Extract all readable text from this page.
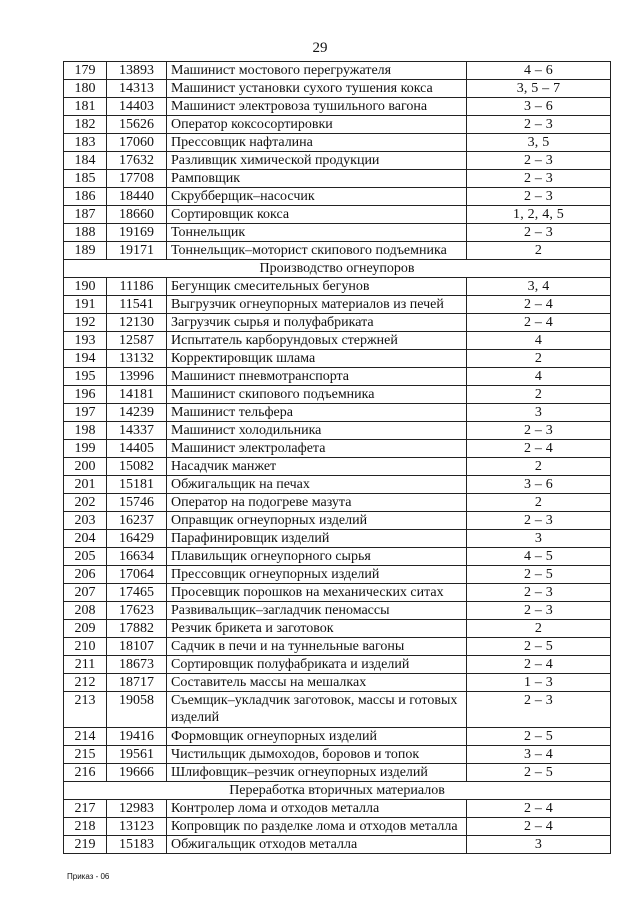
29
179	13893	Машинист мостового перегружателя	4 – 6
180	14313	Машинист установки сухого тушения кокса	3, 5 – 7
181	14403	Машинист электровоза тушильного вагона	3 – 6
182	15626	Оператор коксосортировки	2 – 3
183	17060	Прессовщик нафталина	3, 5
184	17632	Разливщик химической продукции	2 – 3
185	17708	Рамповщик	2 – 3
186	18440	Скрубберщик–насосчик	2 – 3
187	18660	Сортировщик кокса	1, 2, 4, 5
188	19169	Тоннельщик	2 – 3
189	19171	Тоннельщик–моторист скипового подъемника	2
Производство огнеупоров			
190	11186	Бегунщик смесительных бегунов	3, 4
191	11541	Выгрузчик огнеупорных материалов из печей	2 – 4
192	12130	Загрузчик сырья и полуфабриката	2 – 4
193	12587	Испытатель карборундовых стержней	4
194	13132	Корректировщик шлама	2
195	13996	Машинист пневмотранспорта	4
196	14181	Машинист скипового подъемника	2
197	14239	Машинист тельфера	3
198	14337	Машинист холодильника	2 – 3
199	14405	Машинист электролафета	2 – 4
200	15082	Насадчик манжет	2
201	15181	Обжигальщик на печах	3 – 6
202	15746	Оператор на подогреве мазута	2
203	16237	Оправщик огнеупорных изделий	2 – 3
204	16429	Парафинировщик изделий	3
205	16634	Плавильщик огнеупорного сырья	4 – 5
206	17064	Прессовщик огнеупорных изделий	2 – 5
207	17465	Просевщик порошков на механических ситах	2 – 3
208	17623	Развивальщик–загладчик пеномассы	2 – 3
209	17882	Резчик брикета и заготовок	2
210	18107	Садчик в печи и на туннельные вагоны	2 – 5
211	18673	Сортировщик полуфабриката и изделий	2 – 4
212	18717	Составитель массы на мешалках	1 – 3
213	19058	Съемщик–укладчик заготовок, массы и готовых изделий	2 – 3
214	19416	Формовщик огнеупорных изделий	2 – 5
215	19561	Чистильщик дымоходов, боровов и топок	3 – 4
216	19666	Шлифовщик–резчик огнеупорных изделий	2 – 5
Переработка вторичных материалов			
217	12983	Контролер лома и отходов металла	2 – 4
218	13123	Копровщик по разделке лома и отходов металла	2 – 4
219	15183	Обжигальщик отходов металла	3
Приказ - 06
